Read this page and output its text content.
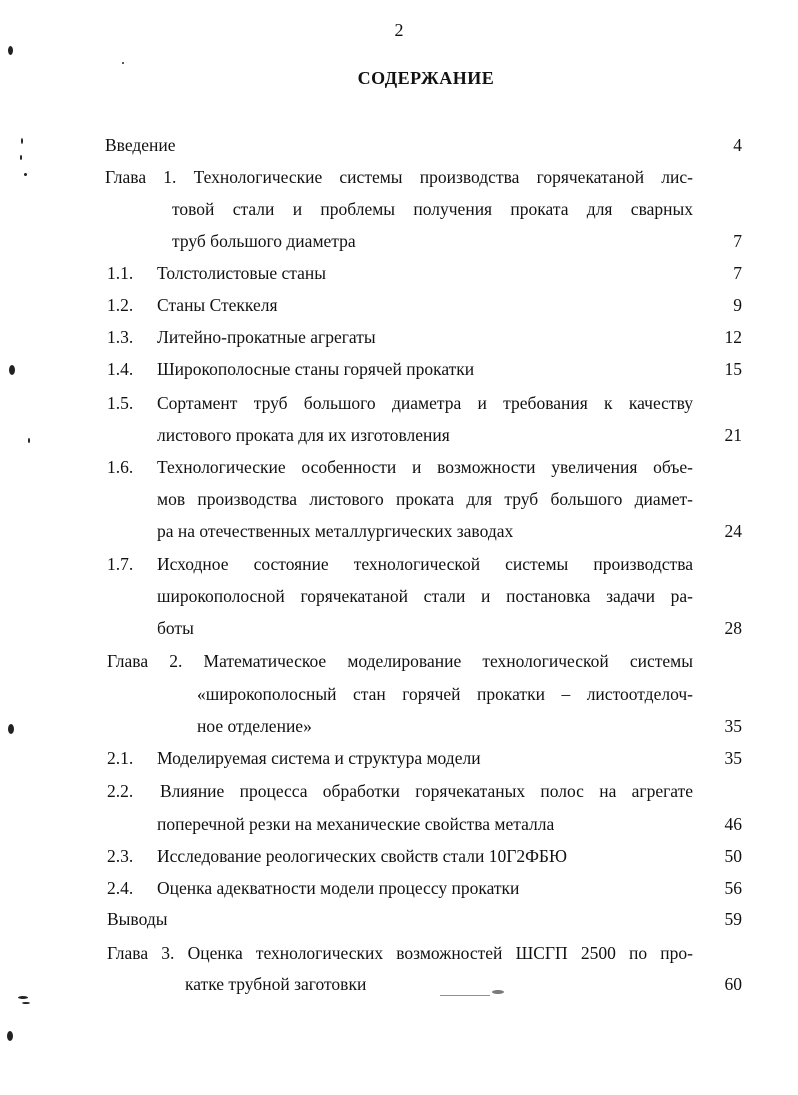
2
СОДЕРЖАНИЕ
Введение	4
Глава 1. Технологические системы производства горячекатаной лис-
товой стали и проблемы получения проката для сварных
труб большого диаметра	7
1.1. Толстолистовые станы	7
1.2. Станы Стеккеля	9
1.3. Литейно-прокатные агрегаты	12
1.4. Широкополосные станы горячей прокатки	15
1.5. Сортамент труб большого диаметра и требования к качеству
листового проката для их изготовления	21
1.6. Технологические особенности и возможности увеличения объе-
мов производства листового проката для труб большого диамет-
ра на отечественных металлургических заводах	24
1.7. Исходное состояние технологической системы производства
широкополосной горячекатаной стали и постановка задачи ра-
боты	28
Глава 2. Математическое моделирование технологической системы
«широкополосный стан горячей прокатки – листоотделоч-
ное отделение»	35
2.1. Моделируемая система и структура модели	35
2.2. Влияние процесса обработки горячекатаных полос на агрегате
поперечной резки на механические свойства металла	46
2.3. Исследование реологических свойств стали 10Г2ФБЮ	50
2.4. Оценка адекватности модели процессу прокатки	56
Выводы	59
Глава 3. Оценка технологических возможностей ШСГП 2500 по про-
катке трубной заготовки	60
